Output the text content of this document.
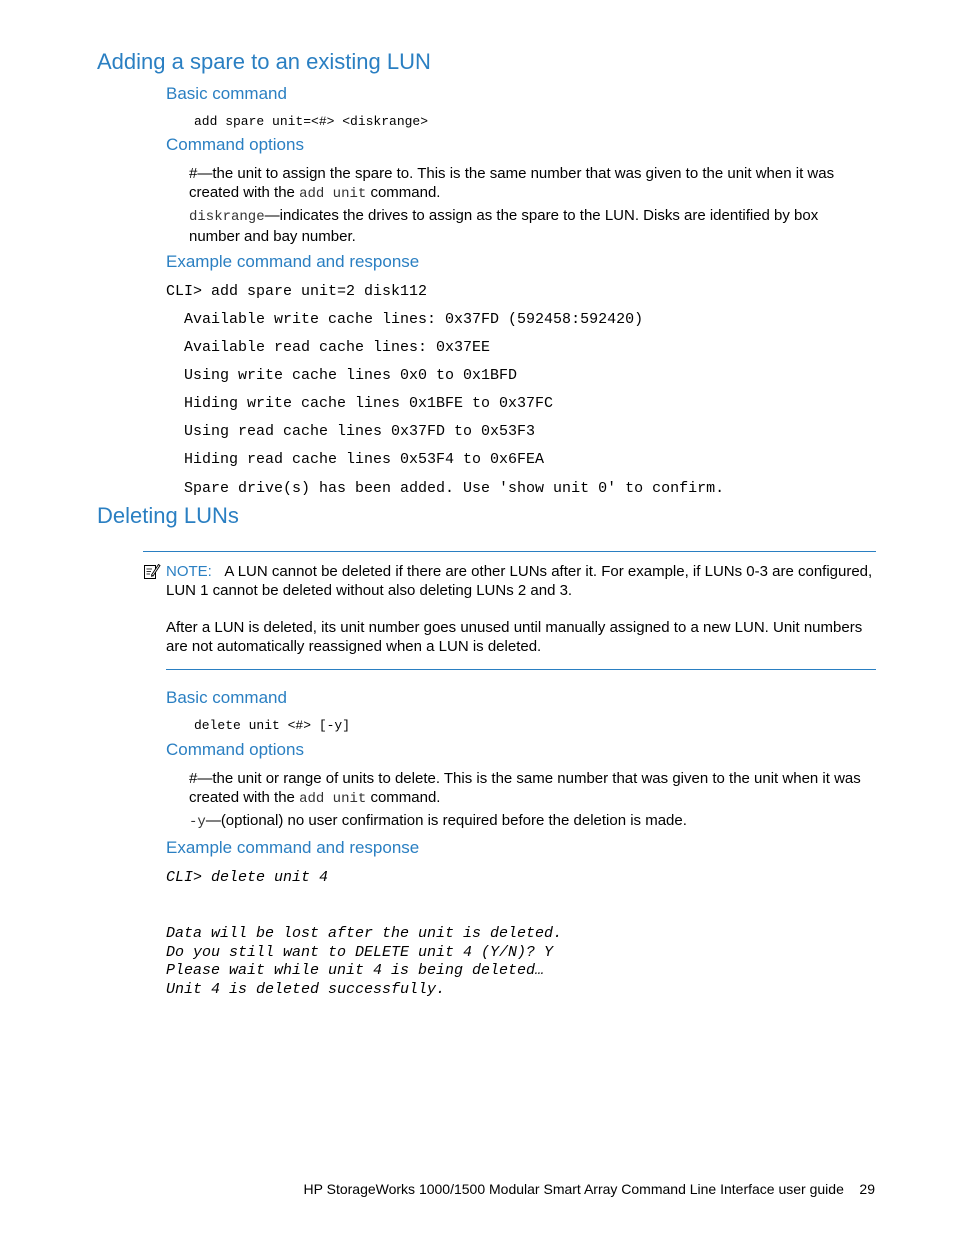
Adding a spare to an existing LUN
Basic command
add spare unit=<#> <diskrange>
Command options
#—the unit to assign the spare to. This is the same number that was given to the unit when it was
created with the add unit command.
diskrange—indicates the drives to assign as the spare to the LUN. Disks are identified by box
number and bay number.
Example command and response
CLI> add spare unit=2 disk112
Available write cache lines: 0x37FD (592458:592420)
Available read cache lines: 0x37EE
Using write cache lines 0x0 to 0x1BFD
Hiding write cache lines 0x1BFE to 0x37FC
Using read cache lines 0x37FD to 0x53F3
Hiding read cache lines 0x53F4 to 0x6FEA
Spare drive(s) has been added. Use 'show unit 0' to confirm.
Deleting LUNs
NOTE: A LUN cannot be deleted if there are other LUNs after it. For example, if LUNs 0-3 are configured,
LUN 1 cannot be deleted without also deleting LUNs 2 and 3.
After a LUN is deleted, its unit number goes unused until manually assigned to a new LUN. Unit numbers
are not automatically reassigned when a LUN is deleted.
Basic command
delete unit <#> [-y]
Command options
#—the unit or range of units to delete. This is the same number that was given to the unit when it was
created with the add unit command.
-y—(optional) no user confirmation is required before the deletion is made.
Example command and response
CLI> delete unit 4
Data will be lost after the unit is deleted.
Do you still want to DELETE unit 4 (Y/N)? Y
Please wait while unit 4 is being deleted…
Unit 4 is deleted successfully.
HP StorageWorks 1000/1500 Modular Smart Array Command Line Interface user guide 29
